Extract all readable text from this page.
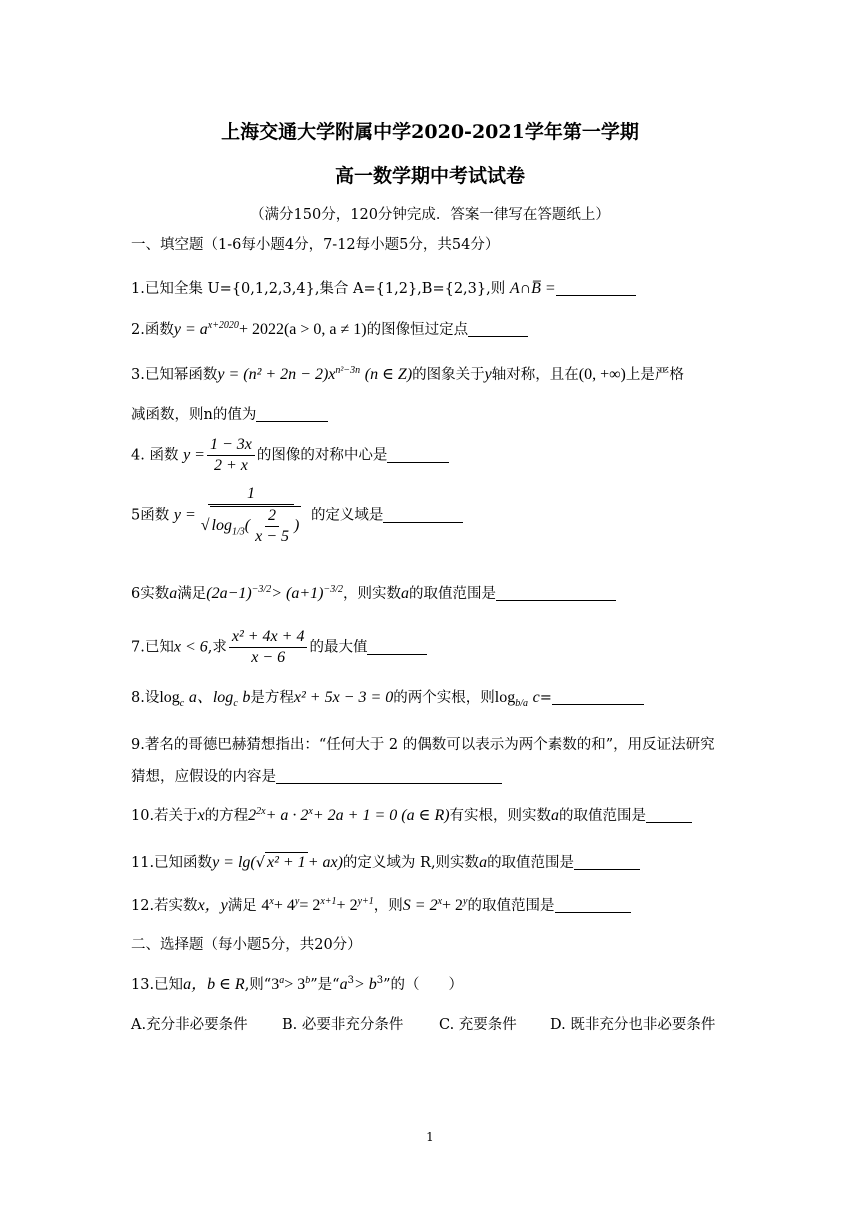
上海交通大学附属中学2020-2021学年第一学期
高一数学期中考试试卷
（满分150分，120分钟完成．答案一律写在答题纸上）
一、填空题（1-6每小题4分，7-12每小题5分，共54分）
1.已知全集 U={0,1,2,3,4},集合 A={1,2},B={2,3},则 A∩B̅ =
2.函数$y = a^{x+2020}+ 2022(a > 0$, a ≠ 1)的图像恒过定点
3.已知幂函数$y = (n^2 + 2n - 2)x^{n^2-3n}$ (n ∈ Z)的图象关于y轴对称，且在(0, +∞)上是严格
减函数，则n的值为
4. 函数 $y = \frac{1 - 3x}{2 + x}$ 的图像的对称中心是
5函数 $y = \frac{1}{√ \log_{1/3}( \frac{2}{x - 5} )}$ 的定义域是
6实数a满足$(2a-1)^{-3/2}> (a+1)^{-3/2}$，则实数a的取值范围是
7.已知x < 6,求 $\frac{\text{x² + 4x + 4}}{x - 6}$ 的最大值
8.设$\log_c a$、$\log_c b$是方程x² + 5x − 3 = 0的两个实根，则$\log_{b/a} c=$
9.著名的哥德巴赫猜想指出：“任何大于 2 的偶数可以表示为两个素数的和”，用反证法研究
猜想，应假设的内容是
10.若关于x的方程$2^{2x}+ a \cdot 2^x+ 2a + 1 = 0$ (a ∈ R)有实根，则实数a的取值范围是
11.已知函数y = lg(√ x² + 1 + ax)的定义域为 R,则实数a的取值范围是
12.若实数x，y满足 $4^x+ 4^y= 2^{x+1}+ 2^{y+1}$，则$S = 2^x+ 2^y$的取值范围是
二、选择题（每小题5分，共20分）
13.已知a，b ∈ R,则“$3^a> 3^b$”是“$a^3> b^3$”的（　　）
A.充分非必要条件 B. 必要非充分条件 C. 充要条件 D. 既非充分也非必要条件
1
